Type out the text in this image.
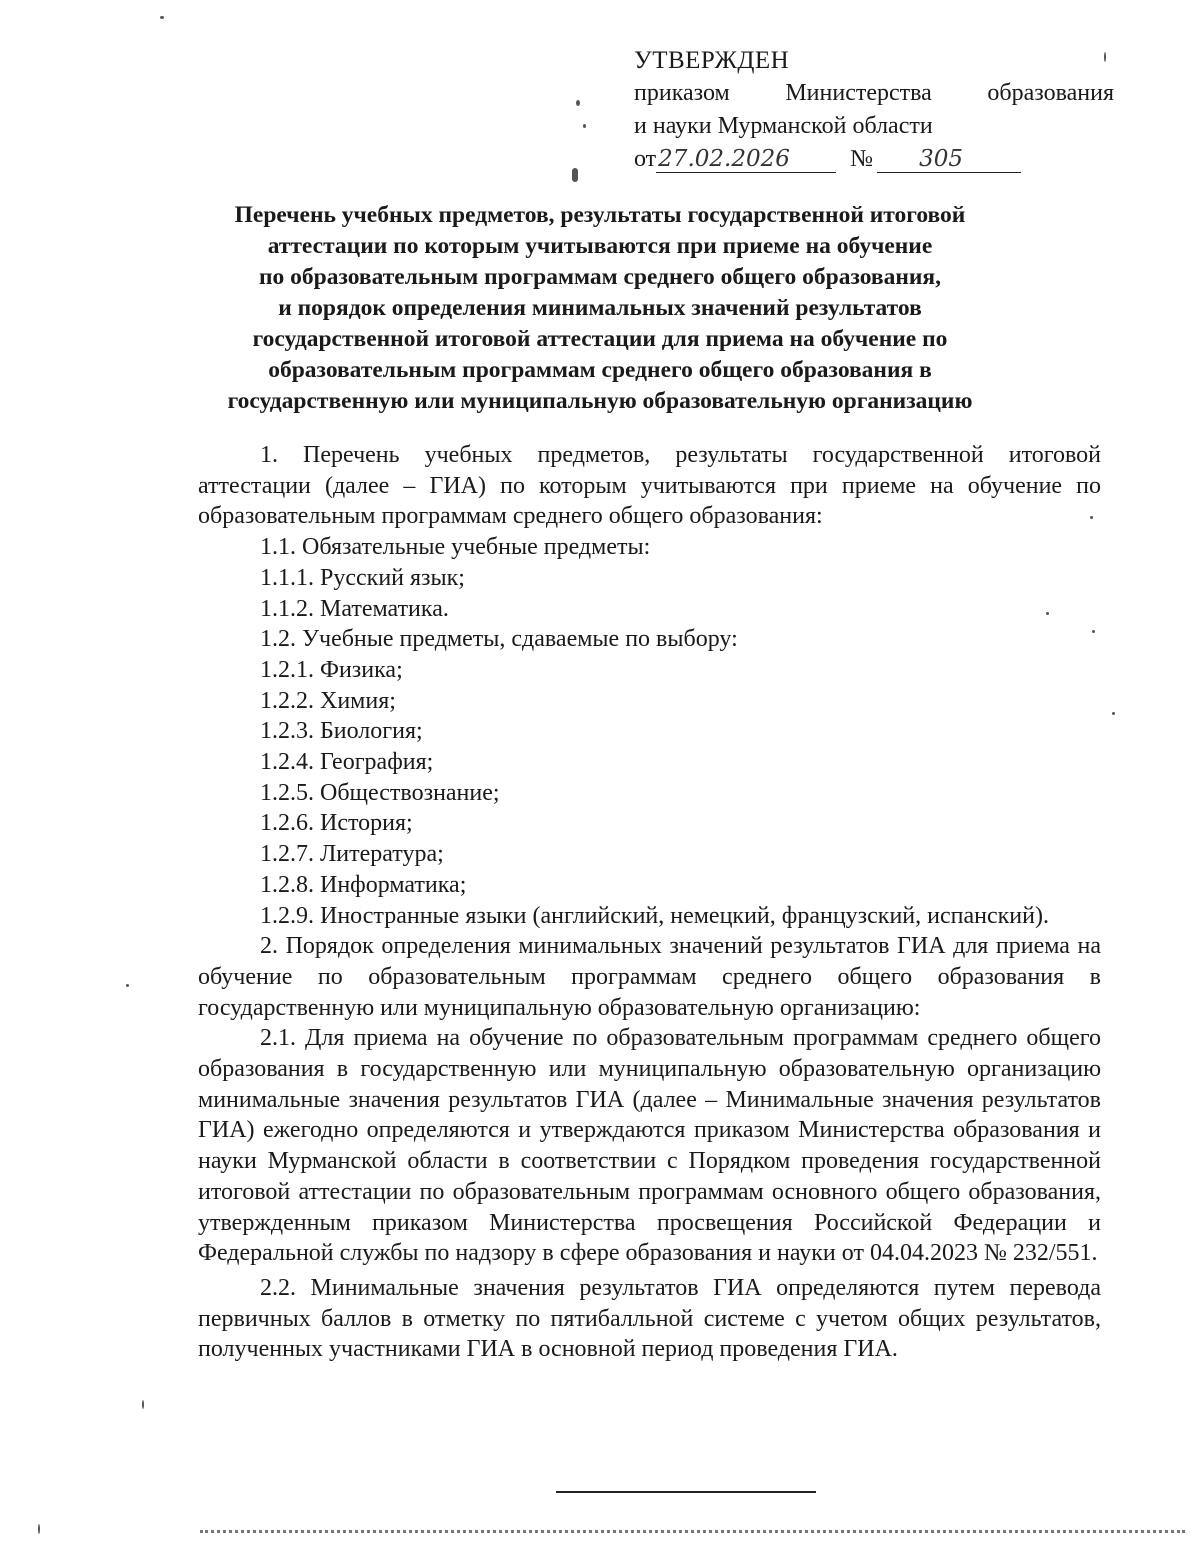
УТВЕРЖДЕН
приказом Министерства образования
и науки Мурманской области
от27.02.2026	№ 305
Перечень учебных предметов, результаты государственной итоговой
аттестации по которым учитываются при приеме на обучение
по образовательным программам среднего общего образования,
и порядок определения минимальных значений результатов
государственной итоговой аттестации для приема на обучение по
образовательным программам среднего общего образования в
государственную или муниципальную образовательную организацию

1. Перечень учебных предметов, результаты государственной итоговой аттестации (далее – ГИА) по которым учитываются при приеме на обучение по образовательным программам среднего общего образования:

1.1. Обязательные учебные предметы:

1.1.1. Русский язык;

1.1.2. Математика.

1.2. Учебные предметы, сдаваемые по выбору:

1.2.1. Физика;

1.2.2. Химия;

1.2.3. Биология;

1.2.4. География;

1.2.5. Обществознание;

1.2.6. История;

1.2.7. Литература;

1.2.8. Информатика;

1.2.9. Иностранные языки (английский, немецкий, французский, испанский).

2. Порядок определения минимальных значений результатов ГИА для приема на обучение по образовательным программам среднего общего образования в государственную или муниципальную образовательную организацию:

2.1. Для приема на обучение по образовательным программам среднего общего образования в государственную или муниципальную образовательную организацию минимальные значения результатов ГИА (далее – Минимальные значения результатов ГИА) ежегодно определяются и утверждаются приказом Министерства образования и науки Мурманской области в соответствии с Порядком проведения государственной итоговой аттестации по образовательным программам основного общего образования, утвержденным приказом Министерства просвещения Российской Федерации и Федеральной службы по надзору в сфере образования и науки от 04.04.2023 № 232/551.

2.2. Минимальные значения результатов ГИА определяются путем перевода первичных баллов в отметку по пятибалльной системе с учетом общих результатов, полученных участниками ГИА в основной период проведения ГИА.
